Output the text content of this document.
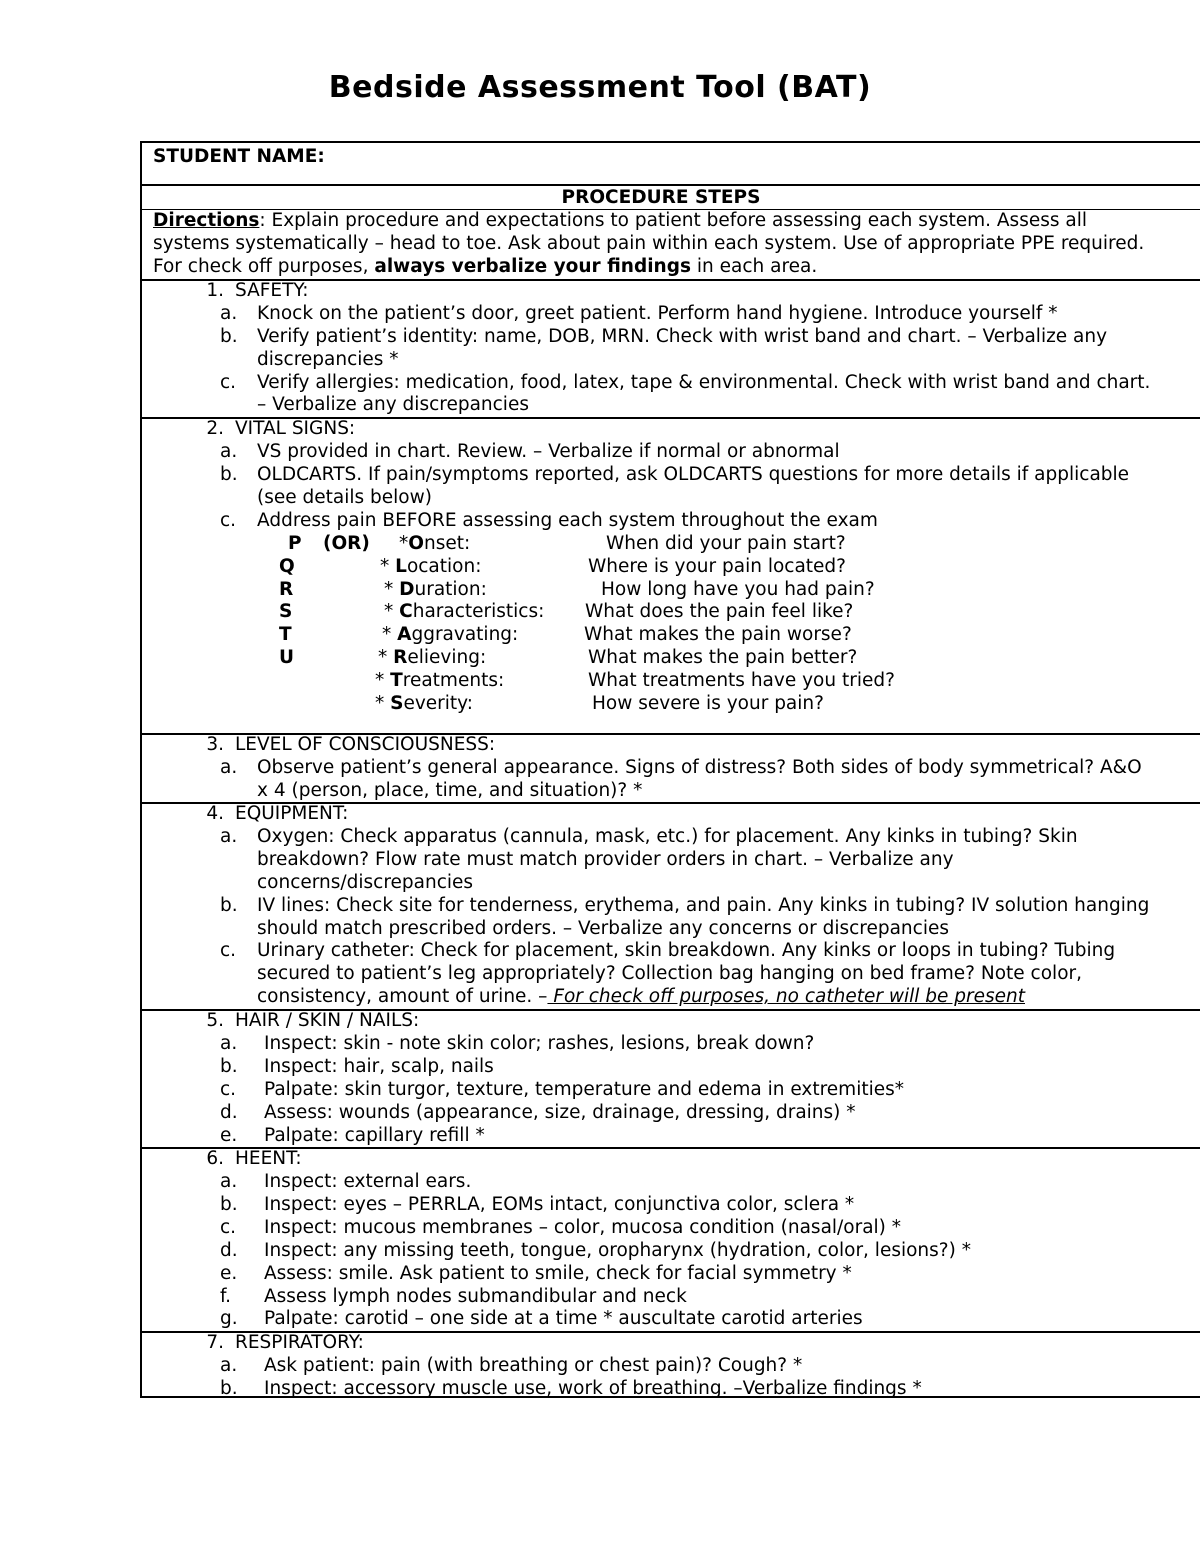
Bedside Assessment Tool (BAT)
STUDENT NAME:
PROCEDURE STEPS
Directions: Explain procedure and expectations to patient before assessing each system. Assess all
systems systematically – head to toe. Ask about pain within each system. Use of appropriate PPE required.
For check off purposes, always verbalize your findings in each area.
1. SAFETY:
a. Knock on the patient’s door, greet patient. Perform hand hygiene. Introduce yourself *
b. Verify patient’s identity: name, DOB, MRN. Check with wrist band and chart. – Verbalize any
discrepancies *
c. Verify allergies: medication, food, latex, tape & environmental. Check with wrist band and chart.
– Verbalize any discrepancies
2. VITAL SIGNS:
a. VS provided in chart. Review. – Verbalize if normal or abnormal
b. OLDCARTS. If pain/symptoms reported, ask OLDCARTS questions for more details if applicable
(see details below)
c. Address pain BEFORE assessing each system throughout the exam
P (OR) *Onset:	When did your pain start?
Q	* Location:	Where is your pain located?
R	* Duration:	How long have you had pain?
S	* Characteristics: What does the pain feel like?
T	* Aggravating:	What makes the pain worse?
U	* Relieving:	What makes the pain better?
* Treatments:	What treatments have you tried?
* Severity:	How severe is your pain?
3. LEVEL OF CONSCIOUSNESS:
a. Observe patient’s general appearance. Signs of distress? Both sides of body symmetrical? A&O
x 4 (person, place, time, and situation)? *
4. EQUIPMENT:
a. Oxygen: Check apparatus (cannula, mask, etc.) for placement. Any kinks in tubing? Skin
breakdown? Flow rate must match provider orders in chart. – Verbalize any
concerns/discrepancies
b. IV lines: Check site for tenderness, erythema, and pain. Any kinks in tubing? IV solution hanging
should match prescribed orders. – Verbalize any concerns or discrepancies
c. Urinary catheter: Check for placement, skin breakdown. Any kinks or loops in tubing? Tubing
secured to patient’s leg appropriately? Collection bag hanging on bed frame? Note color,
consistency, amount of urine. – For check off purposes, no catheter will be present
5. HAIR / SKIN / NAILS:
a. Inspect: skin - note skin color; rashes, lesions, break down?
b. Inspect: hair, scalp, nails
c. Palpate: skin turgor, texture, temperature and edema in extremities*
d. Assess: wounds (appearance, size, drainage, dressing, drains) *
e. Palpate: capillary refill *
6. HEENT:
a. Inspect: external ears.
b. Inspect: eyes – PERRLA, EOMs intact, conjunctiva color, sclera *
c. Inspect: mucous membranes – color, mucosa condition (nasal/oral) *
d. Inspect: any missing teeth, tongue, oropharynx (hydration, color, lesions?) *
e. Assess: smile. Ask patient to smile, check for facial symmetry *
f. Assess lymph nodes submandibular and neck
g. Palpate: carotid – one side at a time * auscultate carotid arteries
7. RESPIRATORY:
a. Ask patient: pain (with breathing or chest pain)? Cough? *
b. Inspect: accessory muscle use, work of breathing. –Verbalize findings *
